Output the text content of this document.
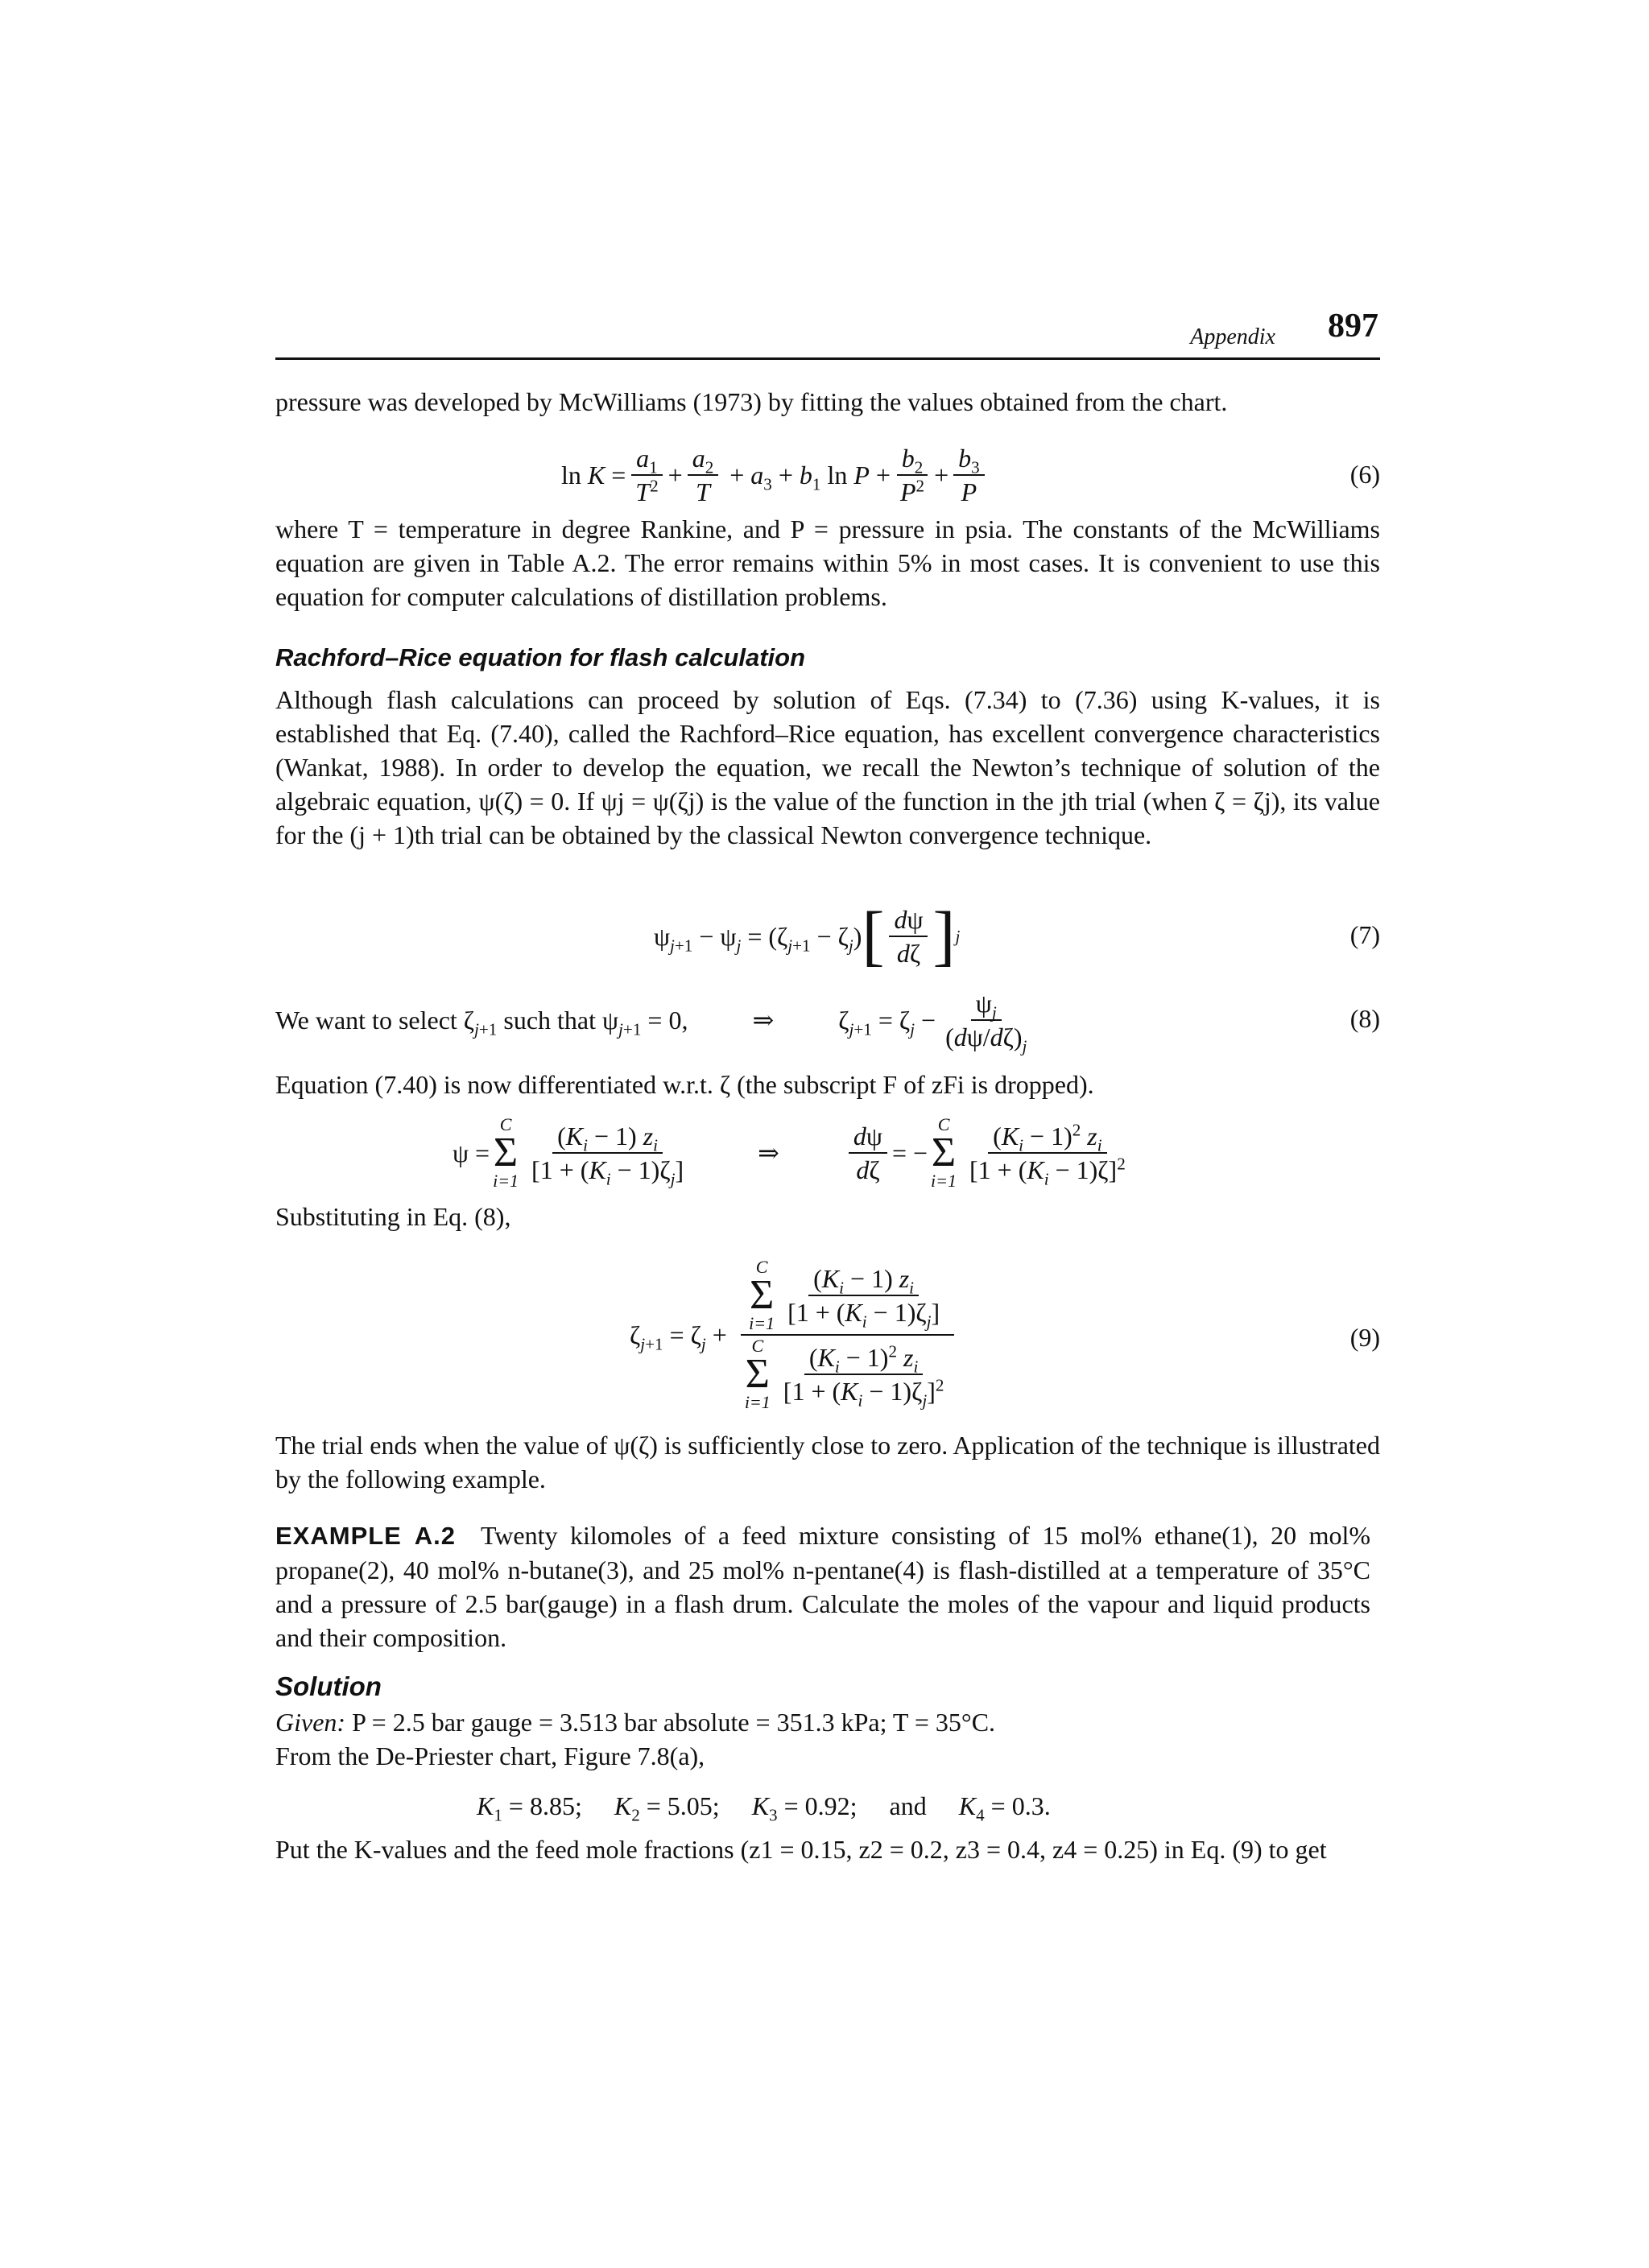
Appendix 897

pressure was developed by McWilliams (1973) by fitting the values obtained from the chart.

$\ln K = \frac{a_1}{T^2} + \frac{a_2}{T} + a_3 + b_1$ $\ln P + \frac{b_2}{P^2} + \frac{b_3}{P}$	(6)

where T = temperature in degree Rankine, and P = pressure in psia. The constants of the McWilliams equation are given in Table A.2. The error remains within 5% in most cases. It is convenient to use this equation for computer calculations of distillation problems.

Rachford–Rice equation for flash calculation

Although flash calculations can proceed by solution of Eqs. (7.34) to (7.36) using K-values, it is established that Eq. (7.40), called the Rachford–Rice equation, has excellent convergence characteristics (Wankat, 1988). In order to develop the equation, we recall the Newton’s technique of solution of the algebraic equation, ψ(ζ) = 0. If ψj = ψ(ζj) is the value of the function in the jth trial (when ζ = ζj), its value for the (j + 1)th trial can be obtained by the classical Newton convergence technique.

$\psi_{j+1} - \psi_j = (\zeta_{j+1} - \zeta_j)$ [ $\frac{d\psi}{d\zeta}$ ] j	(7)
We want to select $\zeta_{j+1}$ such that $\psi_{j+1} = 0$,	⇒	$\zeta_{j+1} = \zeta_j - \frac{\psi_j}{(d\psi/d\zeta)_j}$	(8)

Equation (7.40) is now differentiated w.r.t. ζ (the subscript F of zFi is dropped).

ψ =
C
Σ
$i=1 \frac{(K_i - 1) z_i}{[1 + (K_i - 1)\zeta_j]}$	⇒	$\frac{d\psi}{d\zeta}$ = −
C
Σ
$i=1 \frac{(K_i - 1)^2 z_i}{[1 + (K_i - 1)\zeta]^2}$

Substituting in Eq. (8),

$\zeta_{j+1} = \zeta_j + C$
Σ
$i=1 \frac{(K_i - 1) z_i}{[1 + (K_i - 1)\zeta_j]}$
C
Σ
$i=1 \frac{(K_i - 1)^2 z_i}{[1 + (K_i - 1)\zeta_j]^2}$	(9)

The trial ends when the value of ψ(ζ) is sufficiently close to zero. Application of the technique is illustrated by the following example.

EXAMPLE A.2 Twenty kilomoles of a feed mixture consisting of 15 mol% ethane(1), 20 mol% propane(2), 40 mol% n-butane(3), and 25 mol% n-pentane(4) is flash-distilled at a temperature of 35°C and a pressure of 2.5 bar(gauge) in a flash drum. Calculate the moles of the vapour and liquid products and their composition.

Solution

Given: P = 2.5 bar gauge = 3.513 bar absolute = 351.3 kPa; T = 35°C.

From the De-Priester chart, Figure 7.8(a),

$K_1 = 8.85$; $K_2 = 5.05$; $K_3 = 0.92$; and $K_4 = 0.3$.

Put the K-values and the feed mole fractions (z1 = 0.15, z2 = 0.2, z3 = 0.4, z4 = 0.25) in Eq. (9) to get
